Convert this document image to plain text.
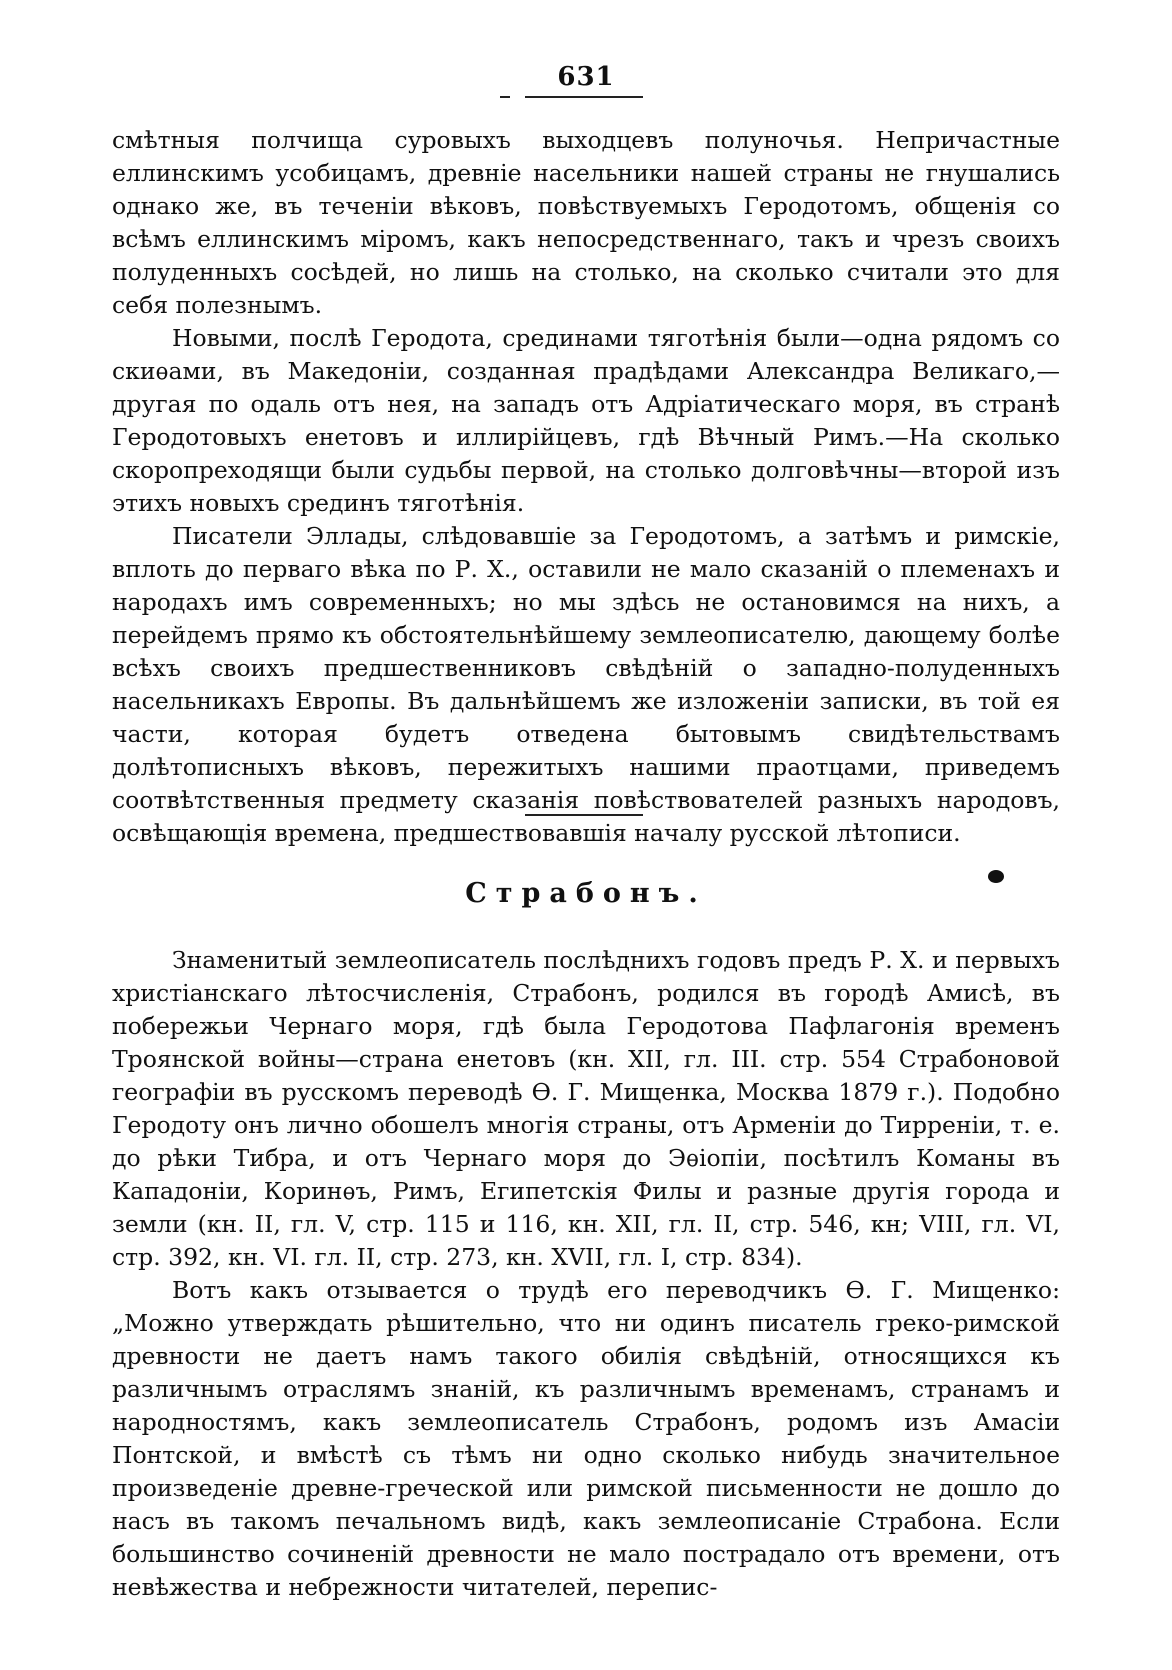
631

смѣтныя полчища суровыхъ выходцевъ полуночья. Непричастные еллинскимъ усобицамъ, древніе насельники нашей страны не гнушались однако же, въ теченіи вѣковъ, повѣствуемыхъ Геродотомъ, общенія со всѣмъ еллинскимъ міромъ, какъ непосредственнаго, такъ и чрезъ своихъ полуденныхъ сосѣдей, но лишь на столько, на сколько считали это для себя полезнымъ.

Новыми, послѣ Геродота, срединами тяготѣнія были—одна рядомъ со скиѳами, въ Македоніи, созданная прадѣдами Александра Великаго,—другая по одаль отъ нея, на западъ отъ Адріатическаго моря, въ странѣ Геродотовыхъ енетовъ и иллирійцевъ, гдѣ Вѣчный Римъ.—На сколько скоропреходящи были судьбы первой, на столько долговѣчны—второй изъ этихъ новыхъ срединъ тяготѣнія.

Писатели Эллады, слѣдовавшіе за Геродотомъ, а затѣмъ и римскіе, вплоть до перваго вѣка по Р. Х., оставили не мало сказаній о племенахъ и народахъ имъ современныхъ; но мы здѣсь не остановимся на нихъ, а перейдемъ прямо къ обстоятельнѣйшему землеописателю, дающему болѣе всѣхъ своихъ предшественниковъ свѣдѣній о западно-полуденныхъ насельникахъ Европы. Въ дальнѣйшемъ же изложеніи записки, въ той ея части, которая будетъ отведена бытовымъ свидѣтельствамъ долѣтописныхъ вѣковъ, пережитыхъ нашими праотцами, приведемъ соотвѣтственныя предмету сказанія повѣствователей разныхъ народовъ, освѣщающія времена, предшествовавшія началу русской лѣтописи.

Страбонъ.

Знаменитый землеописатель послѣднихъ годовъ предъ Р. Х. и первыхъ христіанскаго лѣтосчисленія, Страбонъ, родился въ городѣ Амисѣ, въ побережьи Чернаго моря, гдѣ была Геродотова Пафлагонія временъ Троянской войны—страна енетовъ (кн. XII, гл. III. стр. 554 Страбоновой географіи въ русскомъ переводѣ Ѳ. Г. Мищенка, Москва 1879 г.). Подобно Геродоту онъ лично обошелъ многія страны, отъ Арменіи до Тирреніи, т. е. до рѣки Тибра, и отъ Чернаго моря до Эѳіопіи, посѣтилъ Команы въ Кападоніи, Коринѳъ, Римъ, Египетскія Филы и разные другія города и земли (кн. II, гл. V, стр. 115 и 116, кн. XII, гл. II, стр. 546, кн; VIII, гл. VI, стр. 392, кн. VI. гл. II, стр. 273, кн. XVII, гл. I, стр. 834).

Вотъ какъ отзывается о трудѣ его переводчикъ Ѳ. Г. Мищенко: „Можно утверждать рѣшительно, что ни одинъ писатель греко-римской древности не даетъ намъ такого обилія свѣдѣній, относящихся къ различнымъ отраслямъ знаній, къ различнымъ временамъ, странамъ и народностямъ, какъ землеописатель Страбонъ, родомъ изъ Амасіи Понтской, и вмѣстѣ съ тѣмъ ни одно сколько нибудь значительное произведеніе древне-греческой или римской письменности не дошло до насъ въ такомъ печальномъ видѣ, какъ землеописаніе Страбона. Если большинство сочиненій древности не мало пострадало отъ времени, отъ невѣжества и небрежности читателей, перепис-
